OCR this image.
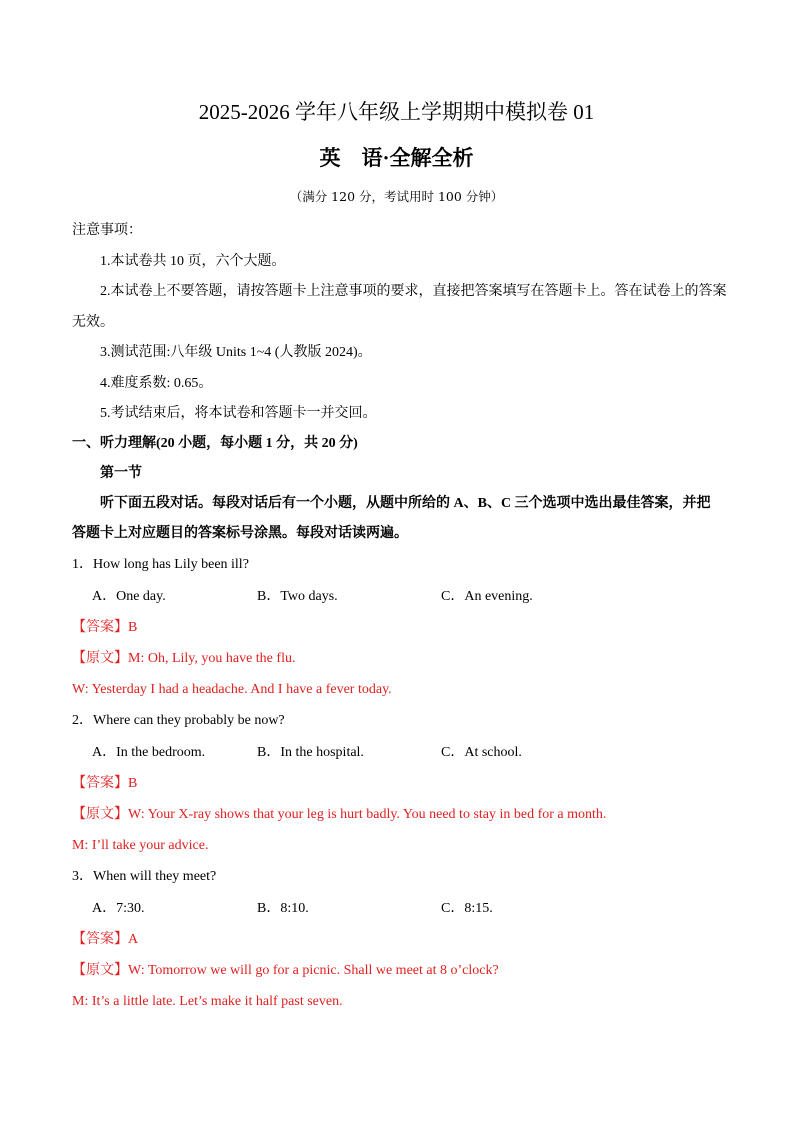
2025-2026 学年八年级上学期期中模拟卷 01
英　语·全解全析
（满分 120 分，考试用时 100 分钟）
注意事项：
1.本试卷共 10 页，六个大题。
2.本试卷上不要答题，请按答题卡上注意事项的要求，直接把答案填写在答题卡上。答在试卷上的答案
无效。
3.测试范围:八年级 Units 1~4 (人教版 2024)。
4.难度系数: 0.65。
5.考试结束后，将本试卷和答题卡一并交回。
一、听力理解(20 小题，每小题 1 分，共 20 分)
第一节
听下面五段对话。每段对话后有一个小题，从题中所给的 A、B、C 三个选项中选出最佳答案，并把
答题卡上对应题目的答案标号涂黑。每段对话读两遍。
1．How long has Lily been ill?
A．One day.	B．Two days.	C．An evening.
【答案】B
【原文】M: Oh, Lily, you have the flu.
W: Yesterday I had a headache. And I have a fever today.
2．Where can they probably be now?
A．In the bedroom.	B．In the hospital.	C．At school.
【答案】B
【原文】W: Your X-ray shows that your leg is hurt badly. You need to stay in bed for a month.
M: I’ll take your advice.
3．When will they meet?
A．7:30.	B．8:10.	C．8:15.
【答案】A
【原文】W: Tomorrow we will go for a picnic. Shall we meet at 8 o’clock?
M: It’s a little late. Let’s make it half past seven.
